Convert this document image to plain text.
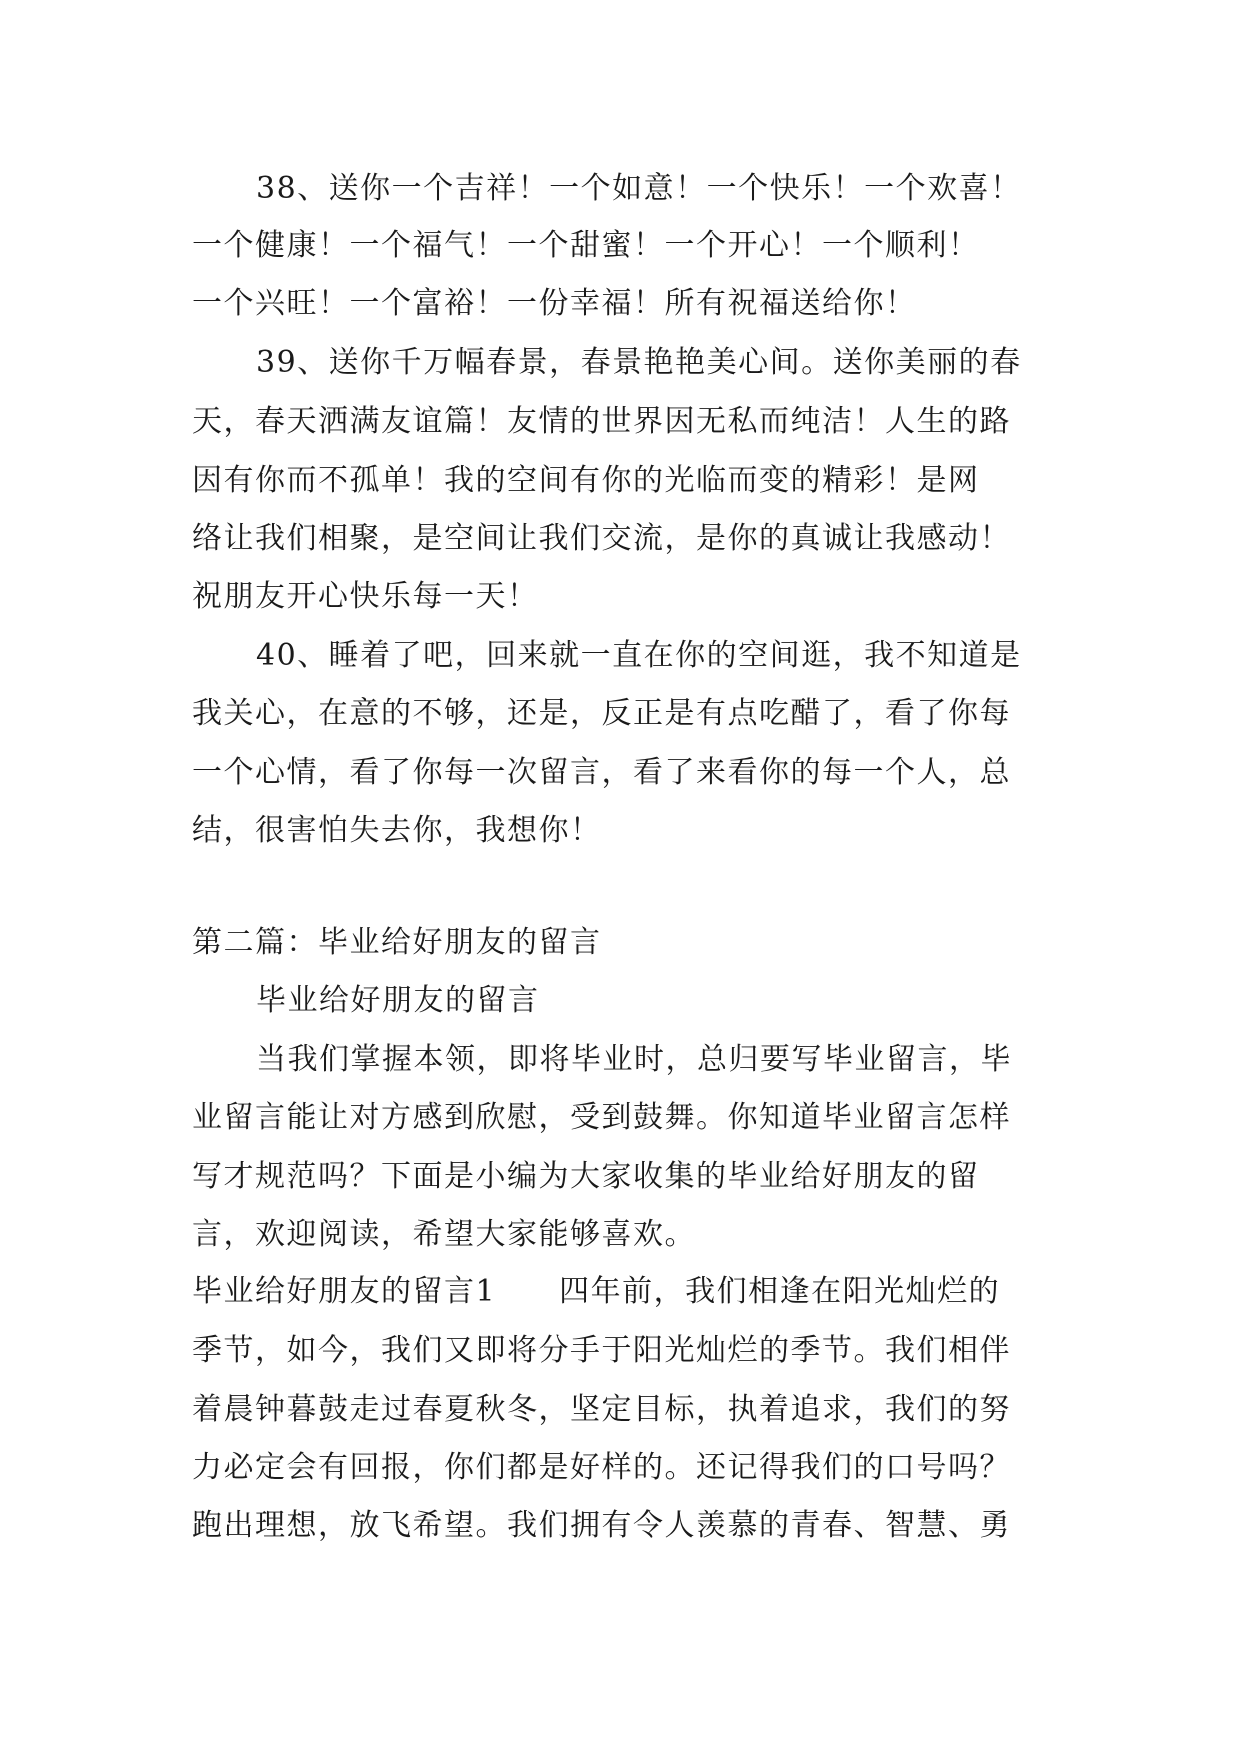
38、送你一个吉祥！一个如意！一个快乐！一个欢喜！
一个健康！一个福气！一个甜蜜！一个开心！一个顺利！
一个兴旺！一个富裕！一份幸福！所有祝福送给你！
39、送你千万幅春景，春景艳艳美心间。送你美丽的春
天，春天洒满友谊篇！友情的世界因无私而纯洁！人生的路
因有你而不孤单！我的空间有你的光临而变的精彩！是网
络让我们相聚，是空间让我们交流，是你的真诚让我感动！
祝朋友开心快乐每一天！
40、睡着了吧，回来就一直在你的空间逛，我不知道是
我关心，在意的不够，还是，反正是有点吃醋了，看了你每
一个心情，看了你每一次留言，看了来看你的每一个人，总
结，很害怕失去你，我想你！
第二篇：毕业给好朋友的留言
毕业给好朋友的留言
当我们掌握本领，即将毕业时，总归要写毕业留言，毕
业留言能让对方感到欣慰，受到鼓舞。你知道毕业留言怎样
写才规范吗？下面是小编为大家收集的毕业给好朋友的留
言，欢迎阅读，希望大家能够喜欢。
毕业给好朋友的留言1　　四年前，我们相逢在阳光灿烂的
季节，如今，我们又即将分手于阳光灿烂的季节。我们相伴
着晨钟暮鼓走过春夏秋冬，坚定目标，执着追求，我们的努
力必定会有回报，你们都是好样的。还记得我们的口号吗？
跑出理想，放飞希望。我们拥有令人羡慕的青春、智慧、勇
